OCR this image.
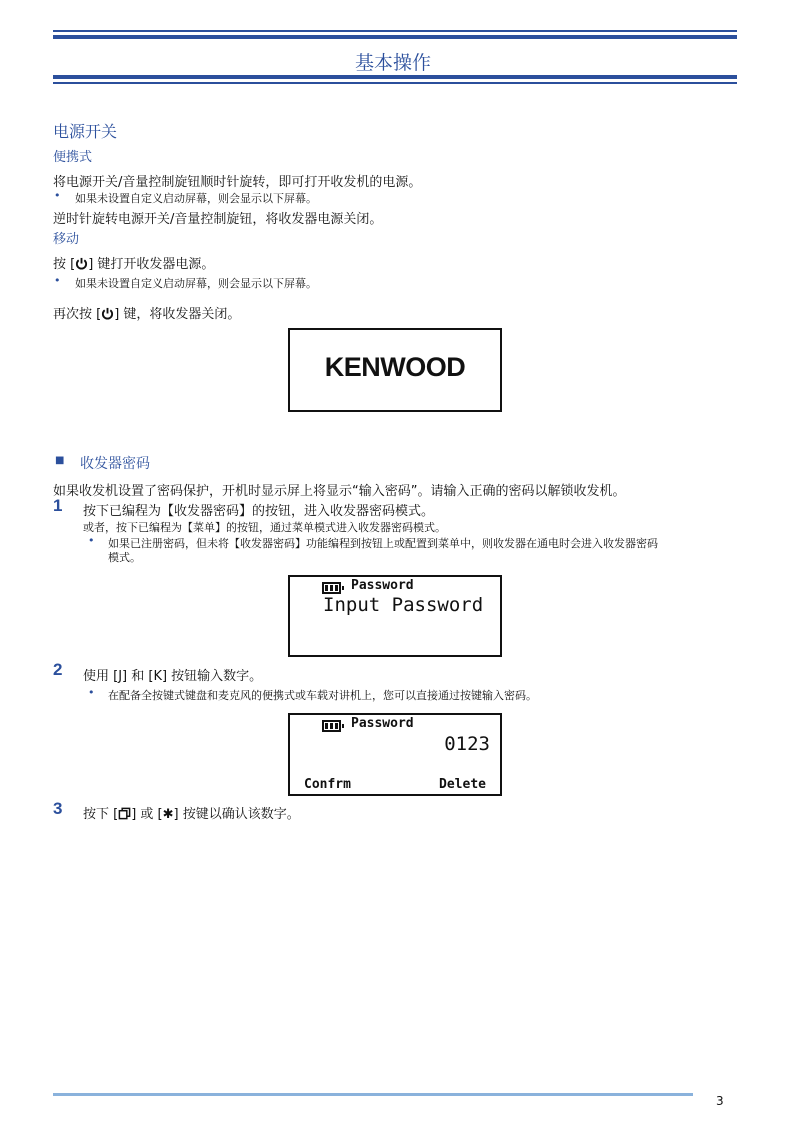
基本操作
电源开关
便携式
将电源开关/音量控制旋钮顺时针旋转，即可打开收发机的电源。
• 如果未设置自定义启动屏幕，则会显示以下屏幕。
逆时针旋转电源开关/音量控制旋钮，将收发器电源关闭。
移动
按 [ ] 键打开收发器电源。
• 如果未设置自定义启动屏幕，则会显示以下屏幕。
再次按 [ ] 键，将收发器关闭。
KENWOOD
■ 收发器密码
如果收发机设置了密码保护，开机时显示屏上将显示“输入密码”。请输入正确的密码以解锁收发机。
1 按下已编程为【收发器密码】的按钮，进入收发器密码模式。
或者，按下已编程为【菜单】的按钮，通过菜单模式进入收发器密码模式。
• 如果已注册密码，但未将【收发器密码】功能编程到按钮上或配置到菜单中，则收发器在通电时会进入收发器密码
模式。
Password
Input Password
2 使用 [J] 和 [K] 按钮输入数字。
• 在配备全按键式键盘和麦克风的便携式或车载对讲机上，您可以直接通过按键输入密码。
Password
0123
Confrm	Delete
3 按下 [ ] 或 [✱] 按键以确认该数字。
3
